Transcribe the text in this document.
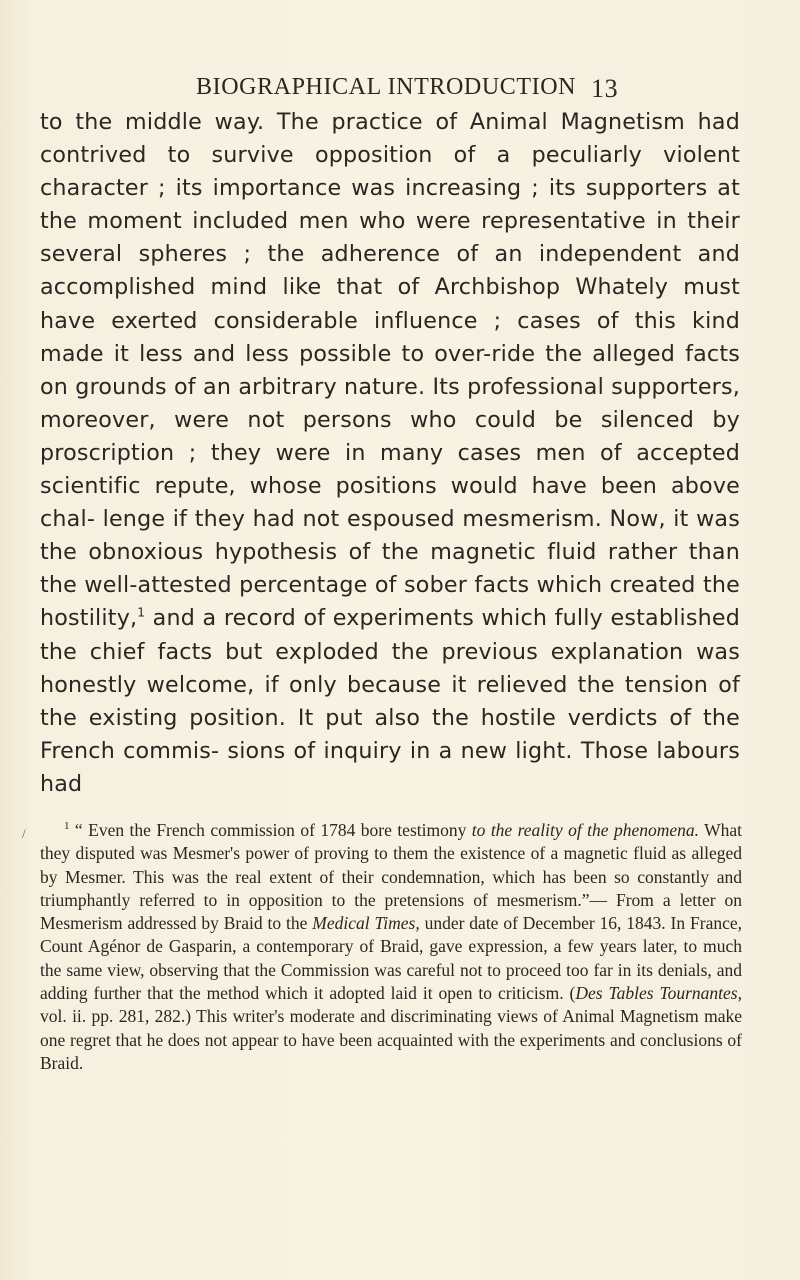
BIOGRAPHICAL INTRODUCTION 13
to the middle way. The practice of Animal Magnetism had contrived to survive opposition of a peculiarly violent character ; its importance was increasing ; its supporters at the moment included men who were representative in their several spheres ; the adherence of an independent and accomplished mind like that of Archbishop Whately must have exerted considerable influence ; cases of this kind made it less and less possible to over-ride the alleged facts on grounds of an arbitrary nature. Its professional supporters, moreover, were not persons who could be silenced by proscription ; they were in many cases men of accepted scientific repute, whose positions would have been above chal- lenge if they had not espoused mesmerism. Now, it was the obnoxious hypothesis of the magnetic fluid rather than the well-attested percentage of sober facts which created the hostility,$^1$ and a record of experiments which fully established the chief facts but exploded the previous explanation was honestly welcome, if only because it relieved the tension of the existing position. It put also the hostile verdicts of the French commis- sions of inquiry in a new light. Those labours had
/	$^1$ “ Even the French commission of 1784 bore testimony to the reality of the phenomena. What they disputed was Mesmer's power of proving to them the existence of a magnetic fluid as alleged by Mesmer. This was the real extent of their condemnation, which has been so constantly and triumphantly referred to in opposition to the pretensions of mesmerism.”— From a letter on Mesmerism addressed by Braid to the Medical Times, under date of December 16, 1843. In France, Count Agénor de Gasparin, a contemporary of Braid, gave expression, a few years later, to much the same view, observing that the Commission was careful not to proceed too far in its denials, and adding further that the method which it adopted laid it open to criticism. (Des Tables Tournantes, vol. ii. pp. 281, 282.) This writer's moderate and discriminating views of Animal Magnetism make one regret that he does not appear to have been acquainted with the experiments and conclusions of Braid.
